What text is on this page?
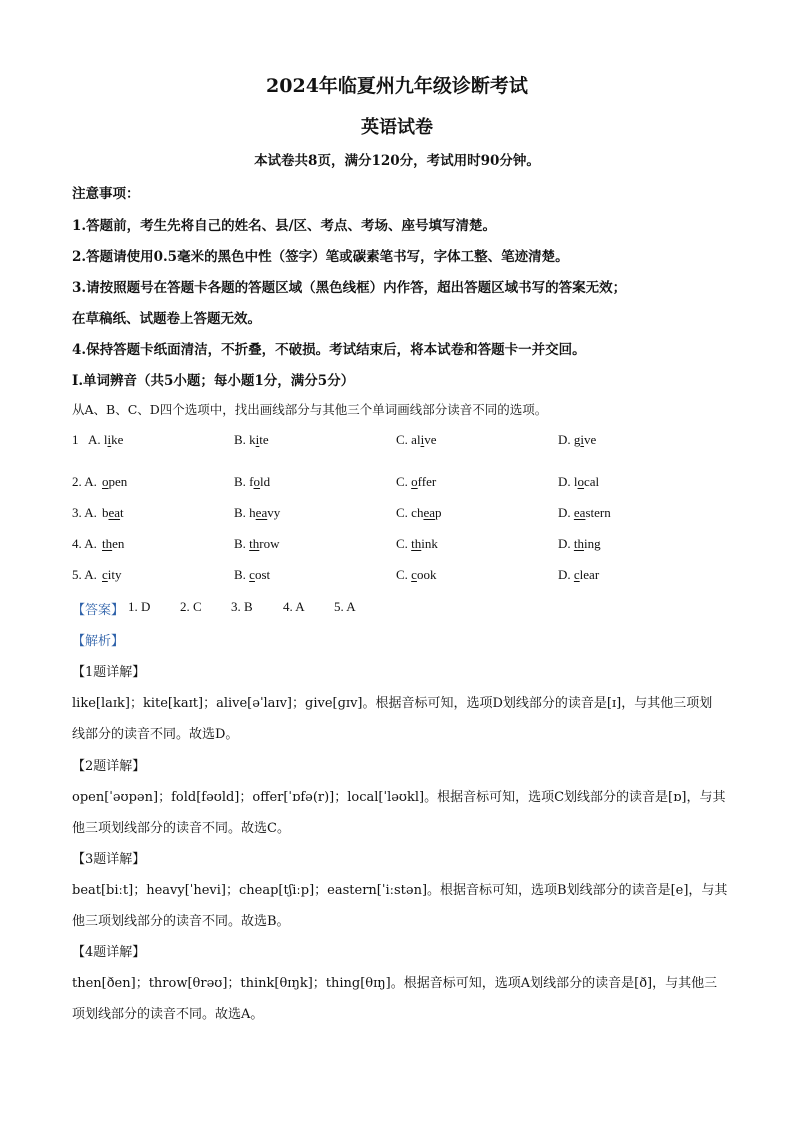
2024年临夏州九年级诊断考试
英语试卷
本试卷共8页，满分120分，考试用时90分钟。
注意事项：
1.答题前，考生先将自己的姓名、县/区、考点、考场、座号填写清楚。
2.答题请使用0.5毫米的黑色中性（签字）笔或碳素笔书写，字体工整、笔迹清楚。
3.请按照题号在答题卡各题的答题区域（黑色线框）内作答，超出答题区域书写的答案无效；
在草稿纸、试题卷上答题无效。
4.保持答题卡纸面清洁，不折叠，不破损。考试结束后，将本试卷和答题卡一并交回。
Ⅰ.单词辨音（共5小题；每小题1分，满分5分）
从A、B、C、D四个选项中，找出画线部分与其他三个单词画线部分读音不同的选项。
1 A. like	B. kite	C. alive	D. give
2. A. open	B. fold	C. offer	D. local
3. A. beat	B. heavy	C. cheap	D. eastern
4. A. then	B. throw	C. think	D. thing
5. A. city	B. cost	C. cook	D. clear
【答案】 1. D 2. C 3. B 4. A 5. A
【解析】
【1题详解】
like[laɪk]；kite[kaɪt]；alive[əˈlaɪv]；give[ɡɪv]。根据音标可知，选项D划线部分的读音是[ɪ]，与其他三项划
线部分的读音不同。故选D。
【2题详解】
open[ˈəʊpən]；fold[fəʊld]；offer[ˈɒfə(r)]；local[ˈləʊkl]。根据音标可知，选项C划线部分的读音是[ɒ]，与其
他三项划线部分的读音不同。故选C。
【3题详解】
beat[biːt]；heavy[ˈhevi]；cheap[tʃiːp]；eastern[ˈiːstən]。根据音标可知，选项B划线部分的读音是[e]，与其
他三项划线部分的读音不同。故选B。
【4题详解】
then[ðen]；throw[θrəʊ]；think[θɪŋk]；thing[θɪŋ]。根据音标可知，选项A划线部分的读音是[ð]，与其他三
项划线部分的读音不同。故选A。
